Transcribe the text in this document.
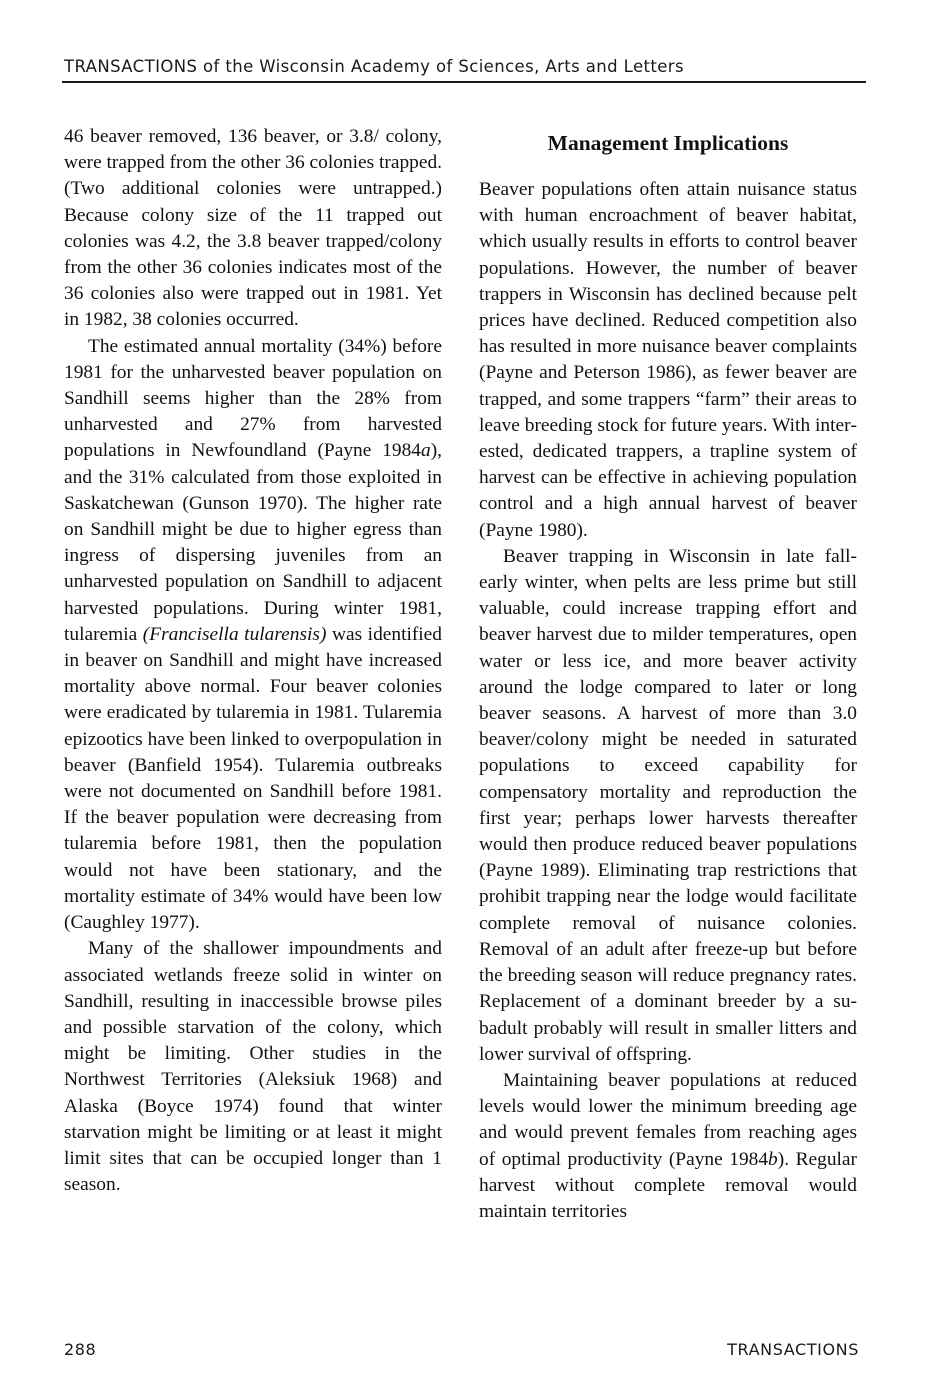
TRANSACTIONS of the Wisconsin Academy of Sciences, Arts and Letters

46 beaver removed, 136 beaver, or 3.8/ colony, were trapped from the other 36 colonies trapped. (Two additional colonies were untrapped.) Because colony size of the 11 trapped out colonies was 4.2, the 3.8 beaver trapped/colony from the other 36 colonies indicates most of the 36 colonies also were trapped out in 1981. Yet in 1982, 38 colonies occurred.

The estimated annual mortality (34%) before 1981 for the unharvested beaver population on Sandhill seems higher than the 28% from unharvested and 27% from harvested populations in Newfoundland (Payne 1984a), and the 31% calculated from those exploited in Saskatchewan (Gunson 1970). The higher rate on Sandhill might be due to higher egress than ingress of dispersing juveniles from an unharvested population on Sandhill to adjacent harvested populations. During winter 1981, tularemia (Francisella tularensis) was identified in beaver on Sandhill and might have increased mortality above normal. Four beaver colonies were eradicated by tularemia in 1981. Tularemia epizootics have been linked to overpopulation in beaver (Banfield 1954). Tularemia outbreaks were not documented on Sandhill before 1981. If the beaver population were decreasing from tularemia before 1981, then the population would not have been stationary, and the mortality estimate of 34% would have been low (Caughley 1977).

Many of the shallower impoundments and associated wetlands freeze solid in winter on Sandhill, resulting in inaccessible browse piles and possible starvation of the colony, which might be limiting. Other studies in the Northwest Territories (Aleksiuk 1968) and Alaska (Boyce 1974) found that winter starvation might be limiting or at least it might limit sites that can be occupied longer than 1 season.

Management Implications

Beaver populations often attain nuisance status with human encroachment of beaver habitat, which usually results in efforts to control beaver populations. However, the number of beaver trappers in Wisconsin has declined because pelt prices have declined. Reduced competition also has resulted in more nuisance beaver complaints (Payne and Peterson 1986), as fewer beaver are trapped, and some trappers “farm” their areas to leave breeding stock for future years. With interested, dedicated trappers, a trapline system of harvest can be effective in achieving population control and a high annual harvest of beaver (Payne 1980).

Beaver trapping in Wisconsin in late fall-early winter, when pelts are less prime but still valuable, could increase trapping effort and beaver harvest due to milder temperatures, open water or less ice, and more beaver activity around the lodge compared to later or long beaver seasons. A harvest of more than 3.0 beaver/colony might be needed in saturated populations to exceed capability for compensatory mortality and reproduction the first year; perhaps lower harvests thereafter would then produce reduced beaver populations (Payne 1989). Eliminating trap restrictions that prohibit trapping near the lodge would facilitate complete removal of nuisance colonies. Removal of an adult after freeze-up but before the breeding season will reduce pregnancy rates. Replacement of a dominant breeder by a subadult probably will result in smaller litters and lower survival of offspring.

Maintaining beaver populations at reduced levels would lower the minimum breeding age and would prevent females from reaching ages of optimal productivity (Payne 1984b). Regular harvest without complete removal would maintain territories

288	TRANSACTIONS
